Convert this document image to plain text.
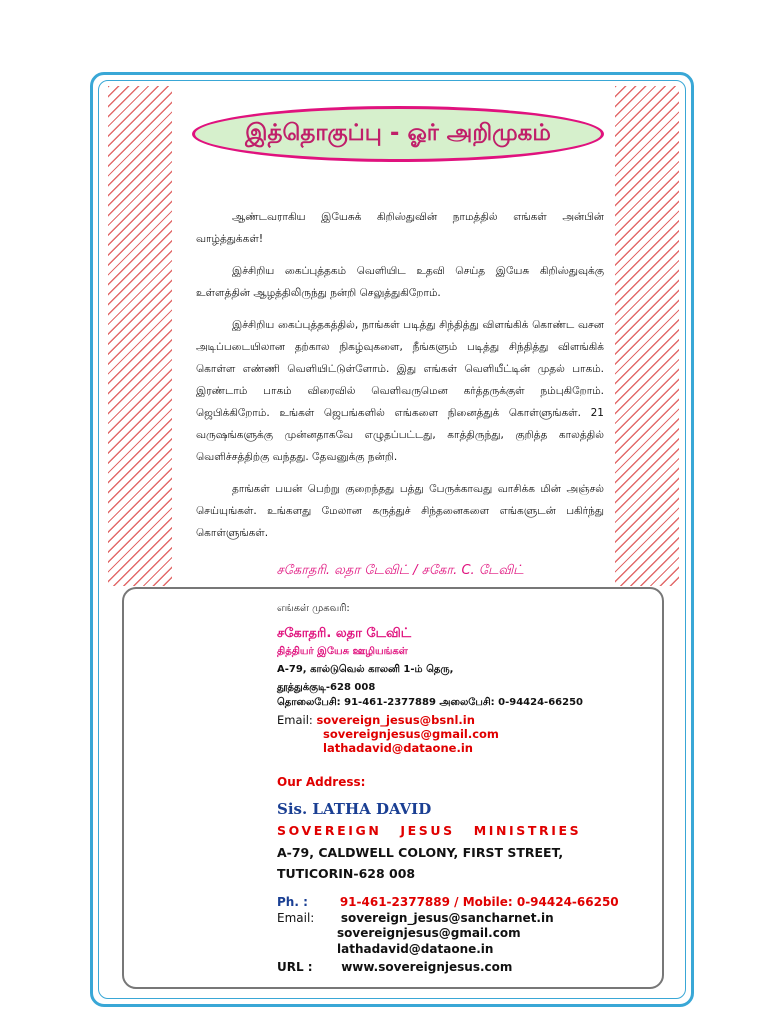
இத்தொகுப்பு - ஓர் அறிமுகம்

ஆண்டவராகிய இயேசுக் கிறிஸ்துவின் நாமத்தில் எங்கள் அன்பின் வாழ்த்துக்கள்!

இச்சிறிய கைப்புத்தகம் வெளியிட உதவி செய்த இயேசு கிறிஸ்துவுக்கு உள்ளத்தின் ஆழத்திலிருந்து நன்றி செலுத்துகிறோம்.

இச்சிறிய கைப்புத்தகத்தில், நாங்கள் படித்து சிந்தித்து விளங்கிக் கொண்ட வசன அடிப்படையிலான தற்கால நிகழ்வுகளை, நீங்களும் படித்து சிந்தித்து விளங்கிக் கொள்ள எண்ணி வெளியிட்டுள்ளோம். இது எங்கள் வெளியீட்டின் முதல் பாகம். இரண்டாம் பாகம் விரைவில் வெளிவருமென கர்த்தருக்குள் நம்புகிறோம். ஜெபிக்கிறோம். உங்கள் ஜெபங்களில் எங்களை நினைத்துக் கொள்ளுங்கள். 21 வருஷங்களுக்கு முன்னதாகவே எழுதப்பட்டது, காத்திருந்து, குறித்த காலத்தில் வெளிச்சத்திற்கு வந்தது. தேவனுக்கு நன்றி.

தாங்கள் பயன் பெற்று குறைந்தது பத்து பேருக்காவது வாசிக்க மின் அஞ்சல் செய்யுங்கள். உங்களது மேலான கருத்துச் சிந்தனைகளை எங்களுடன் பகிர்ந்து கொள்ளுங்கள்.

சகோதரி. லதா டேவிட் / சகோ. C. டேவிட்
எங்கள் முகவரி:
சகோதரி. லதா டேவிட்
தித்தியர் இயேசு ஊழியங்கள்
A-79, கால்டுவெல் காலனி 1-ம் தெரு,
தூத்துக்குடி-628 008
தொலைபேசி: 91-461-2377889 அலைபேசி: 0-94424-66250
Email: sovereign_jesus@bsnl.in
sovereignjesus@gmail.com
lathadavid@dataone.in
Our Address:
Sis. LATHA DAVID
SOVEREIGN JESUS MINISTRIES
A-79, CALDWELL COLONY, FIRST STREET,
TUTICORIN-628 008
Ph. :	91-461-2377889 / Mobile: 0-94424-66250
Email: sovereign_jesus@sancharnet.in
sovereignjesus@gmail.com
lathadavid@dataone.in
URL : www.sovereignjesus.com
